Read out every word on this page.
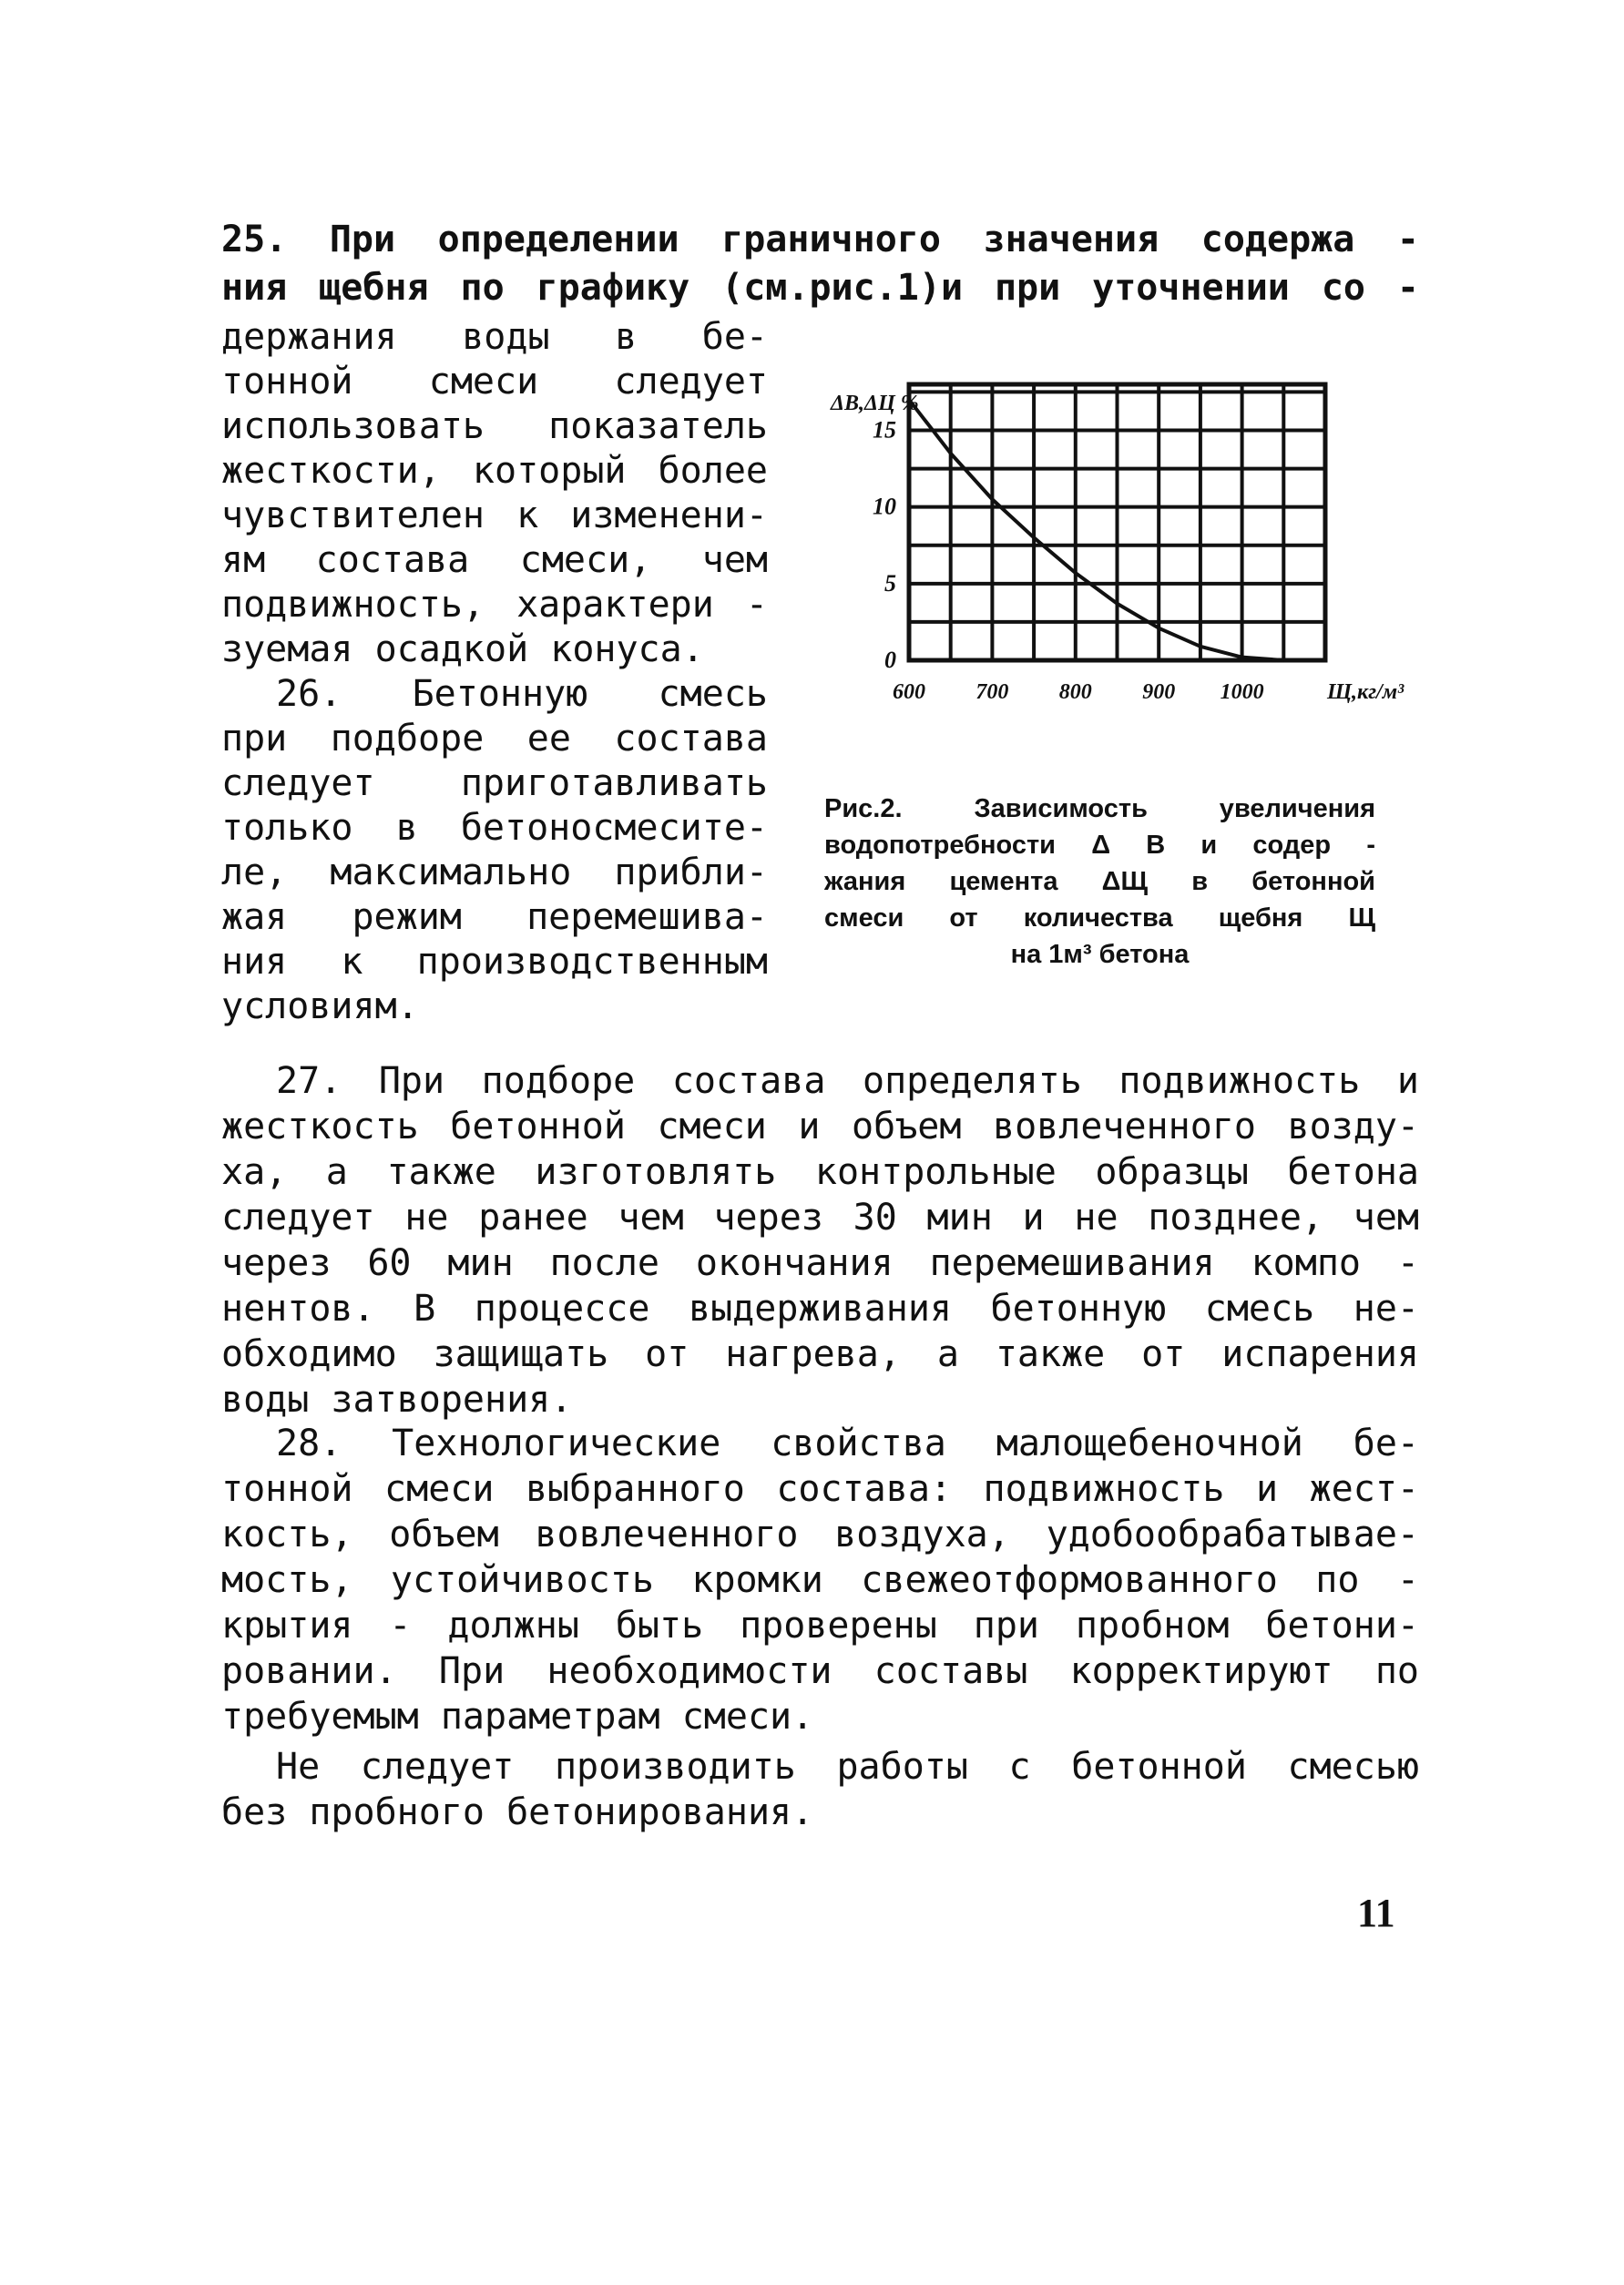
25. При определении граничного значения содержа -
ния щебня по графику (см.рис.1)и при уточнении со -
держания воды в бе-
тонной смеси следует
использовать показатель
жесткости, который более
чувствителен к изменени-
ям состава смеси, чем
подвижность, характери -
зуемая осадкой конуса.
26. Бетонную смесь
при подборе ее состава
следует приготавливать
только в бетоносмесите-
ле, максимально прибли-
жая режим перемешива-
ния к производственным
условиям.
600 700 800 900 1000
0
5
10
15
ΔВ,ΔЦ %
Щ,кг/м³
Рис.2. Зависимость увеличения
водопотребности Δ В и содер -
жания цемента ΔЩ в бетонной
смеси от количества щебня Щ
на 1м³ бетона
27. При подборе состава определять подвижность и
жесткость бетонной смеси и объем вовлеченного возду-
ха, а также изготовлять контрольные образцы бетона
следует не ранее чем через 30 мин и не позднее, чем
через 60 мин после окончания перемешивания компо -
нентов. В процессе выдерживания бетонную смесь не-
обходимо защищать от нагрева, а также от испарения
воды затворения.
28. Технологические свойства малощебеночной бе-
тонной смеси выбранного состава: подвижность и жест-
кость, объем вовлеченного воздуха, удобообрабатывае-
мость, устойчивость кромки свежеотформованного по -
крытия - должны быть проверены при пробном бетони-
ровании. При необходимости составы корректируют по
требуемым параметрам смеси.
Не следует производить работы с бетонной смесью
без пробного бетонирования.
11
